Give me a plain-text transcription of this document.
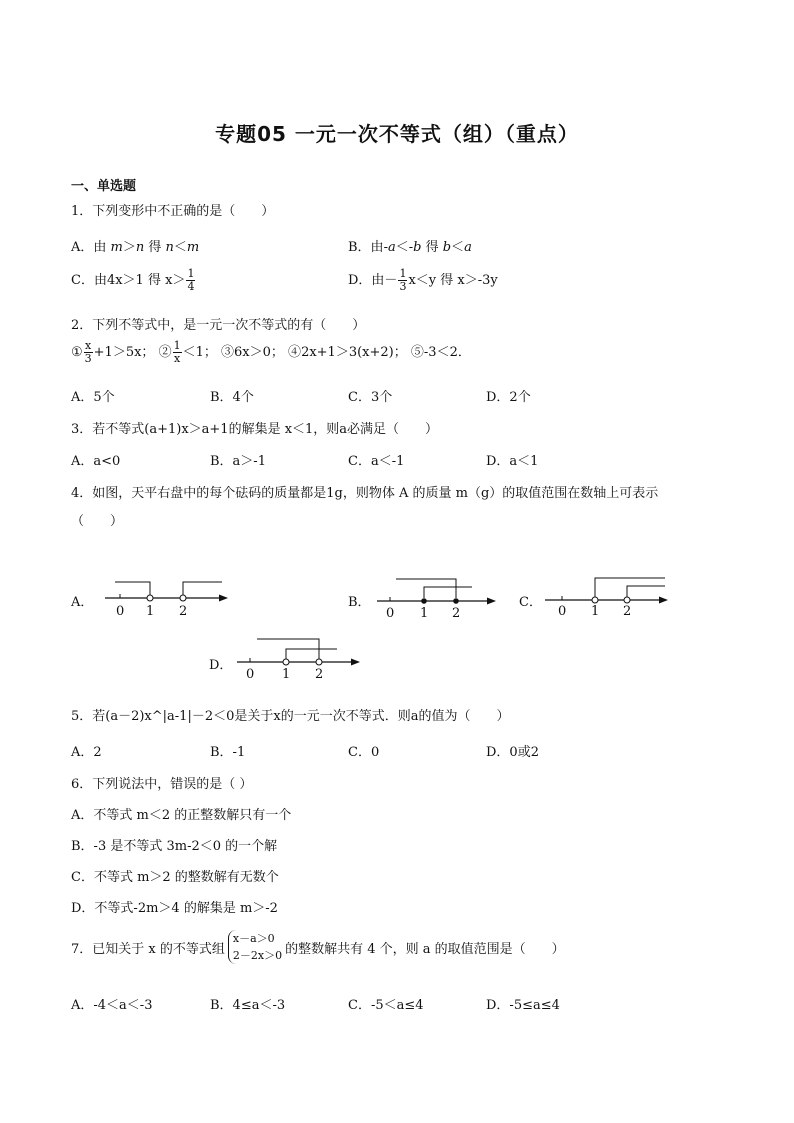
专题05 一元一次不等式（组）（重点）
一、单选题
1．下列变形中不正确的是（　　）
A．由 m＞n 得 n＜m	B．由-a＜-b 得 b＜a
C．由4x＞1 得 $x> \frac{1}{4}$	D．由－ $\frac{1}{3} x<y$ 得 x＞-3y
2．下列不等式中，是一元一次不等式的有（　　）
① $\frac{x}{3} +1>5x$； ② $\frac{1}{x} <1$； ③6x＞0； ④2x+1＞3(x+2)； ⑤-3＜2．
A．5个	B．4个	C．3个	D．2个
3．若不等式(a+1)x＞a+1的解集是 x＜1，则a必满足（　　）
A．a<0	B．a＞-1	C．a＜-1	D．a＜1
4．如图，天平右盘中的每个砝码的质量都是1g，则物体 A 的质量 m（g）的取值范围在数轴上可表示
（　　）
A．
0 1 2
B．
0 1 2
C．
0 1 2
D．
0 1 2
5．若(a－2)x^|a-1|－2＜0是关于x的一元一次不等式．则a的值为（　　）
A．2	B．-1	C．0	D．0或2
6．下列说法中，错误的是（ ）
A．不等式 m＜2 的正整数解只有一个
B．-3 是不等式 3m-2＜0 的一个解
C．不等式 m＞2 的整数解有无数个
D．不等式-2m＞4 的解集是 m＞-2
7．已知关于 x 的不等式组
x－a＞0
2－2x＞0 的整数解共有 4 个，则 a 的取值范围是（　　）
A．-4＜a＜-3	B．4≤a＜-3	C．-5＜a≤4	D．-5≤a≤4
